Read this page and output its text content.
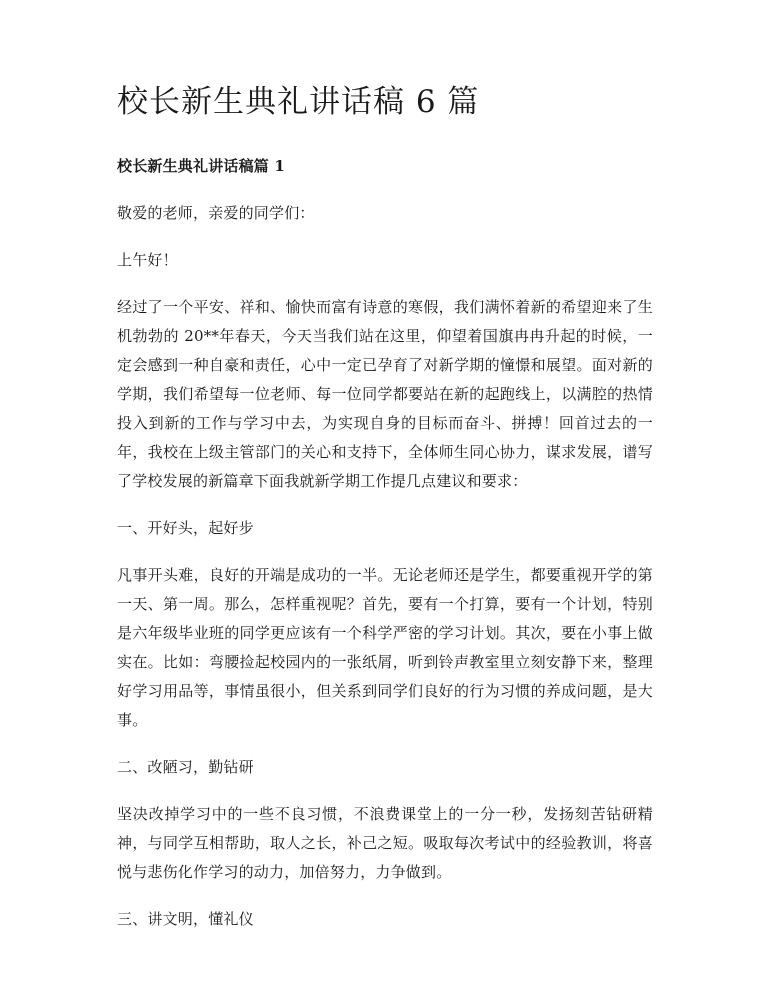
校长新生典礼讲话稿 6 篇

校长新生典礼讲话稿篇 1

敬爱的老师，亲爱的同学们：

上午好！

经过了一个平安、祥和、愉快而富有诗意的寒假，我们满怀着新的希望迎来了生机勃勃的 20**年春天，今天当我们站在这里，仰望着国旗冉冉升起的时候，一定会感到一种自豪和责任，心中一定已孕育了对新学期的憧憬和展望。面对新的学期，我们希望每一位老师、每一位同学都要站在新的起跑线上，以满腔的热情投入到新的工作与学习中去，为实现自身的目标而奋斗、拼搏！回首过去的一年，我校在上级主管部门的关心和支持下，全体师生同心协力，谋求发展，谱写了学校发展的新篇章下面我就新学期工作提几点建议和要求：

一、开好头，起好步

凡事开头难，良好的开端是成功的一半。无论老师还是学生，都要重视开学的第一天、第一周。那么，怎样重视呢？首先，要有一个打算，要有一个计划，特别是六年级毕业班的同学更应该有一个科学严密的学习计划。其次，要在小事上做实在。比如：弯腰捡起校园内的一张纸屑，听到铃声教室里立刻安静下来，整理好学习用品等，事情虽很小，但关系到同学们良好的行为习惯的养成问题，是大事。

二、改陋习，勤钻研

坚决改掉学习中的一些不良习惯，不浪费课堂上的一分一秒，发扬刻苦钻研精神，与同学互相帮助，取人之长，补己之短。吸取每次考试中的经验教训，将喜悦与悲伤化作学习的动力，加倍努力，力争做到。

三、讲文明，懂礼仪
